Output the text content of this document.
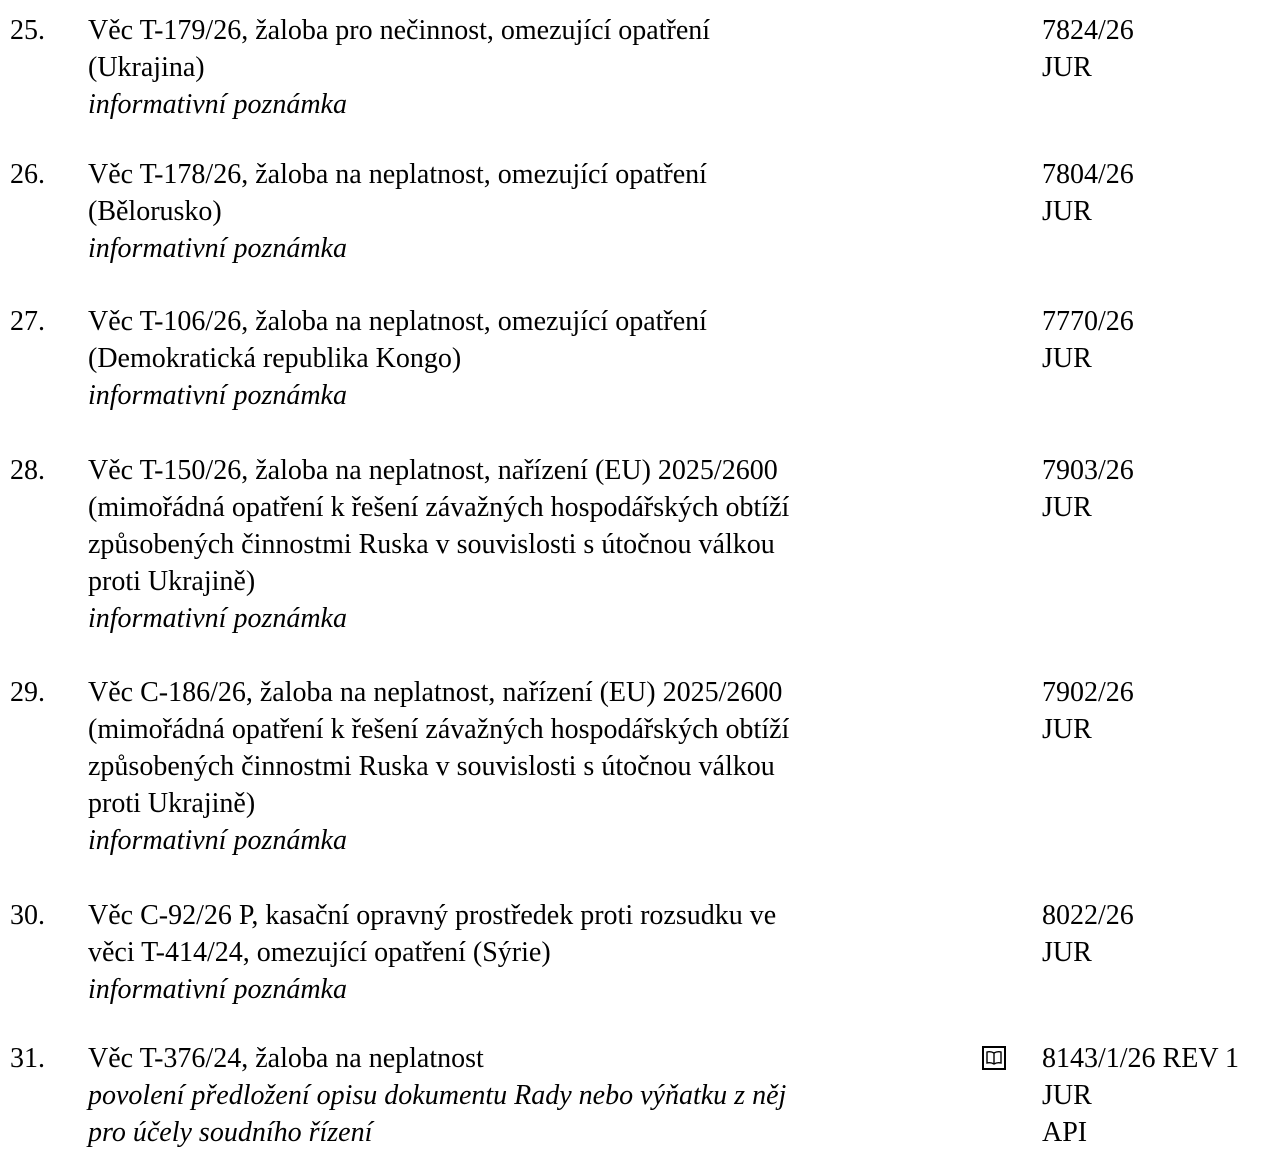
25. Věc T-179/26, žaloba pro nečinnost, omezující opatření
(Ukrajina)
informativní poznámka
7824/26
JUR
26. Věc T-178/26, žaloba na neplatnost, omezující opatření
(Bělorusko)
informativní poznámka
7804/26
JUR
27. Věc T-106/26, žaloba na neplatnost, omezující opatření
(Demokratická republika Kongo)
informativní poznámka
7770/26
JUR
28. Věc T-150/26, žaloba na neplatnost, nařízení (EU) 2025/2600
(mimořádná opatření k řešení závažných hospodářských obtíží
způsobených činnostmi Ruska v souvislosti s útočnou válkou
proti Ukrajině)
informativní poznámka
7903/26
JUR
29. Věc C-186/26, žaloba na neplatnost, nařízení (EU) 2025/2600
(mimořádná opatření k řešení závažných hospodářských obtíží
způsobených činnostmi Ruska v souvislosti s útočnou válkou
proti Ukrajině)
informativní poznámka
7902/26
JUR
30. Věc C-92/26 P, kasační opravný prostředek proti rozsudku ve
věci T-414/24, omezující opatření (Sýrie)
informativní poznámka
8022/26
JUR
31. Věc T-376/24, žaloba na neplatnost
povolení předložení opisu dokumentu Rady nebo výňatku z něj
pro účely soudního řízení
8143/1/26 REV 1
JUR
API
